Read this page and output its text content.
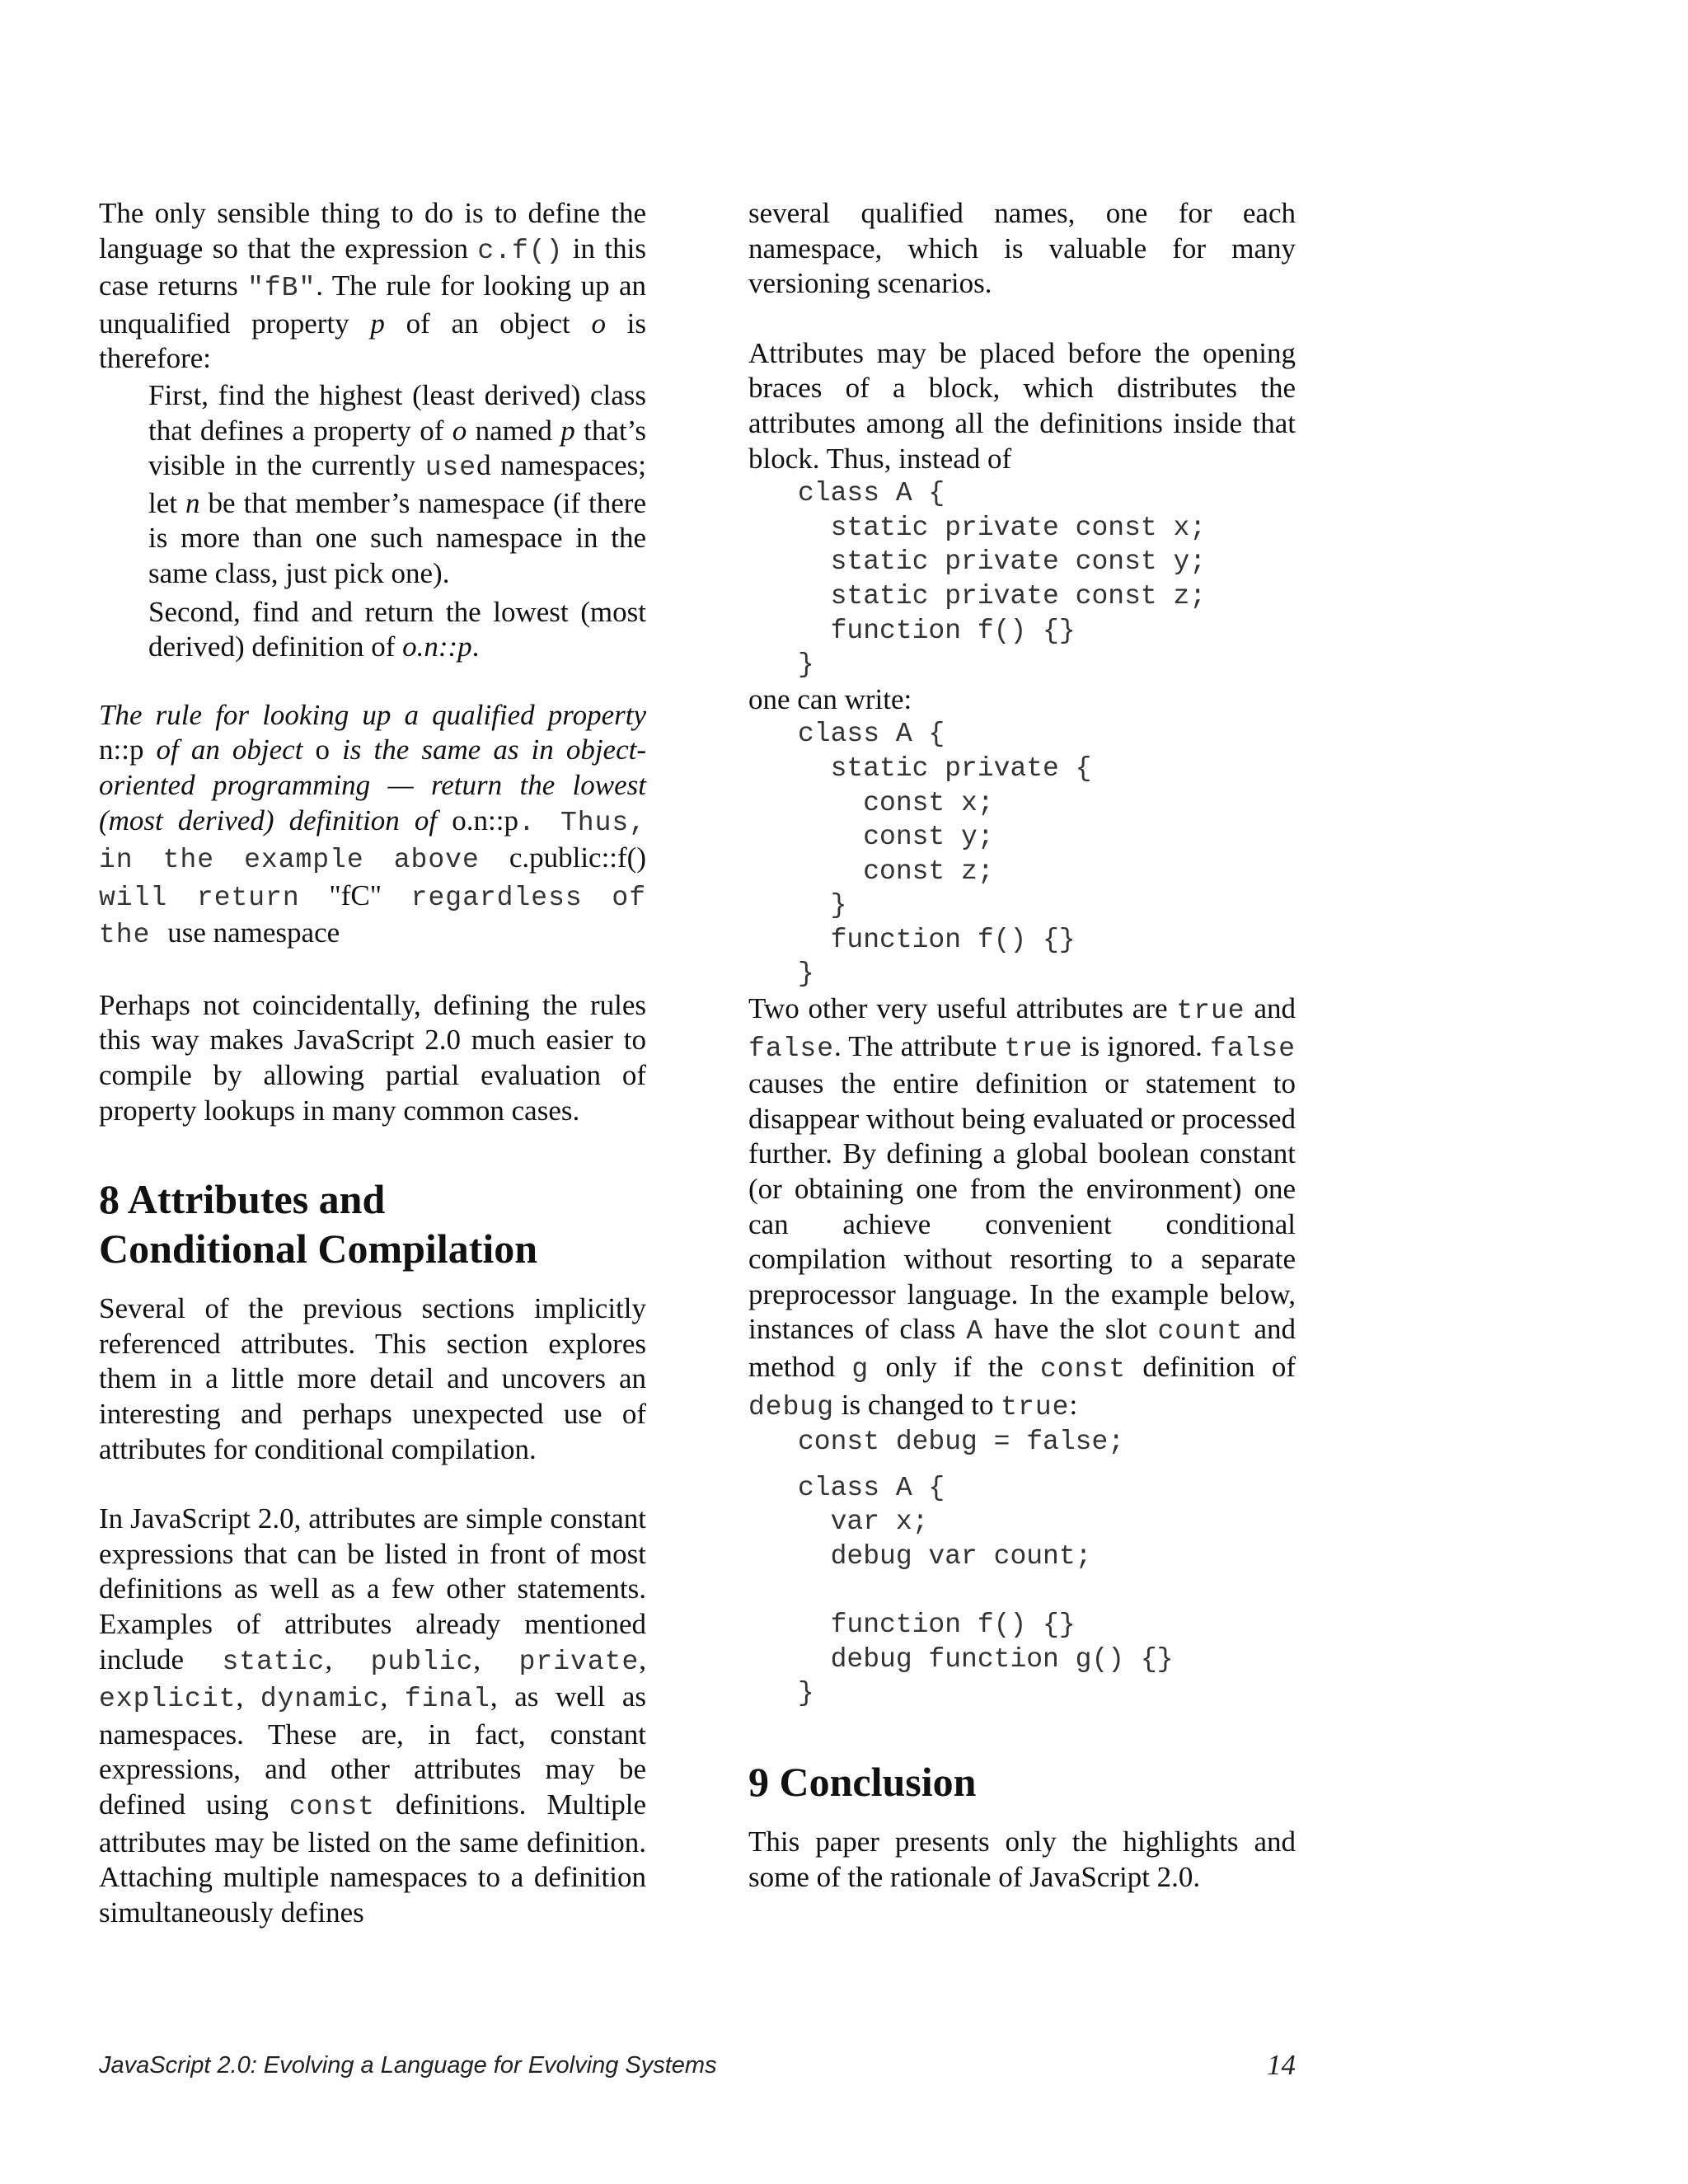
The only sensible thing to do is to define the language so that the expression c.f() in this case returns "fB". The rule for looking up an unqualified property p of an object o is therefore:

First, find the highest (least derived) class that defines a property of o named p that’s visible in the currently used namespaces; let n be that member’s namespace (if there is more than one such namespace in the same class, just pick one).

Second, find and return the lowest (most derived) definition of o.n::p.

The rule for looking up a qualified property n::p of an object o is the same as in object-oriented programming — return the lowest (most derived) definition of o.n::p. Thus, in the example above c.public::f() will return "fC" regardless of the use namespace

Perhaps not coincidentally, defining the rules this way makes JavaScript 2.0 much easier to compile by allowing partial evaluation of property lookups in many common cases.

8 Attributes and
Conditional Compilation

Several of the previous sections implicitly referenced attributes. This section explores them in a little more detail and uncovers an interesting and perhaps unexpected use of attributes for conditional compilation.

In JavaScript 2.0, attributes are simple constant expressions that can be listed in front of most definitions as well as a few other statements. Examples of attributes already mentioned include static, public, private, explicit, dynamic, final, as well as namespaces. These are, in fact, constant expressions, and other attributes may be defined using const definitions. Multiple attributes may be listed on the same definition. Attaching multiple namespaces to a definition simultaneously defines

several qualified names, one for each namespace, which is valuable for many versioning scenarios.

Attributes may be placed before the opening braces of a block, which distributes the attributes among all the definitions inside that block. Thus, instead of

class A {
static private const x;
static private const y;
static private const z;
function f() {}
}

one can write:

class A {
static private {
const x;
const y;
const z;
}
function f() {}
}

Two other very useful attributes are true and false. The attribute true is ignored. false causes the entire definition or statement to disappear without being evaluated or processed further. By defining a global boolean constant (or obtaining one from the environment) one can achieve convenient conditional compilation without resorting to a separate preprocessor language. In the example below, instances of class A have the slot count and method g only if the const definition of debug is changed to true:

const debug = false;
class A {
var x;
debug var count;

function f() {}
debug function g() {}
}
9 Conclusion

This paper presents only the highlights and some of the rationale of JavaScript 2.0.

JavaScript 2.0: Evolving a Language for Evolving Systems	14
